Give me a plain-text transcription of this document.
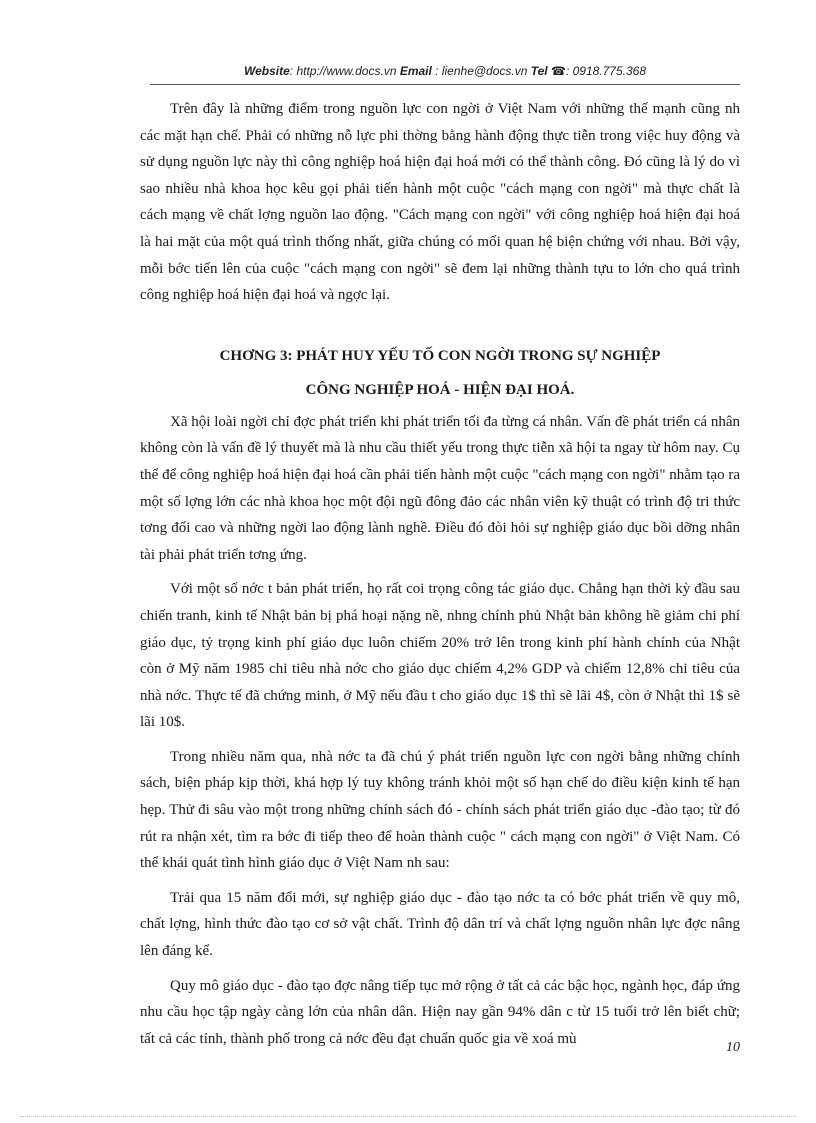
Website: http://www.docs.vn Email : lienhe@docs.vn Tel ☎: 0918.775.368

Trên đây là những điểm trong nguồn lực con ngời ở Việt Nam với những thế mạnh cũng nh các mặt hạn chế. Phải có những nỗ lực phi thờng bằng hành động thực tiễn trong việc huy động và sử dụng nguồn lực này thì công nghiệp hoá hiện đại hoá mới có thể thành công. Đó cũng là lý do vì sao nhiều nhà khoa học kêu gọi phải tiến hành một cuộc "cách mạng con ngời" mà thực chất là cách mạng về chất lợng nguồn lao động. "Cách mạng con ngời" với công nghiệp hoá hiện đại hoá là hai mặt của một quá trình thống nhất, giữa chúng có mối quan hệ biện chứng với nhau. Bởi vậy, mỗi bớc tiến lên của cuộc "cách mạng con ngời" sẽ đem lại những thành tựu to lớn cho quá trình công nghiệp hoá hiện đại hoá và ngợc lại.

CHƠNG 3: PHÁT HUY YẾU TỐ CON NGỜI TRONG SỰ NGHIỆP

CÔNG NGHIỆP HOÁ - HIỆN ĐẠI HOÁ.

Xã hội loài ngời chỉ đợc phát triển khi phát triển tối đa từng cá nhân. Vấn đề phát triển cá nhân không còn là vấn đề lý thuyết mà là nhu cầu thiết yếu trong thực tiễn xã hội ta ngay từ hôm nay. Cụ thể để công nghiệp hoá hiện đại hoá cần phải tiến hành một cuộc "cách mạng con ngời" nhằm tạo ra một số lợng lớn các nhà khoa học một đội ngũ đông đảo các nhân viên kỹ thuật có trình độ tri thức tơng đối cao và những ngời lao động lành nghề. Điều đó đòi hỏi sự nghiệp giáo dục bồi dỡng nhân tài phải phát triển tơng ứng.

Với một số nớc t bản phát triển, họ rất coi trọng công tác giáo dục. Chẳng hạn thời kỳ đầu sau chiến tranh, kinh tế Nhật bản bị phá hoại nặng nề, nhng chính phủ Nhật bản không hề giảm chi phí giáo dục, tỷ trọng kinh phí giáo dục luôn chiếm 20% trở lên trong kinh phí hành chính của Nhật còn ở Mỹ năm 1985 chi tiêu nhà nớc cho giáo dục chiếm 4,2% GDP và chiếm 12,8% chi tiêu của nhà nớc. Thực tế đã chứng minh, ở Mỹ nếu đầu t cho giáo dục 1$ thì sẽ lãi 4$, còn ở Nhật thì 1$ sẽ lãi 10$.

Trong nhiều năm qua, nhà nớc ta đã chú ý phát triển nguồn lực con ngời bằng những chính sách, biện pháp kịp thời, khá hợp lý tuy không tránh khỏi một số hạn chế do điều kiện kinh tế hạn hẹp. Thử đi sâu vào một trong những chính sách đó - chính sách phát triển giáo dục -đào tạo; từ đó rút ra nhận xét, tìm ra bớc đi tiếp theo để hoàn thành cuộc " cách mạng con ngời" ở Việt Nam. Có thể khái quát tình hình giáo dục ở Việt Nam nh sau:

Trải qua 15 năm đổi mới, sự nghiệp giáo dục - đào tạo nớc ta có bớc phát triển về quy mô, chất lợng, hình thức đào tạo cơ sở vật chất. Trình độ dân trí và chất lợng nguồn nhân lực đợc nâng lên đáng kể.

Quy mô giáo dục - đào tạo đợc nâng tiếp tục mở rộng ở tất cả các bậc học, ngành học, đáp ứng nhu cầu học tập ngày càng lớn của nhân dân. Hiện nay gần 94% dân c từ 15 tuổi trở lên biết chữ; tất cả các tỉnh, thành phố trong cả nớc đều đạt chuẩn quốc gia về xoá mù

10
